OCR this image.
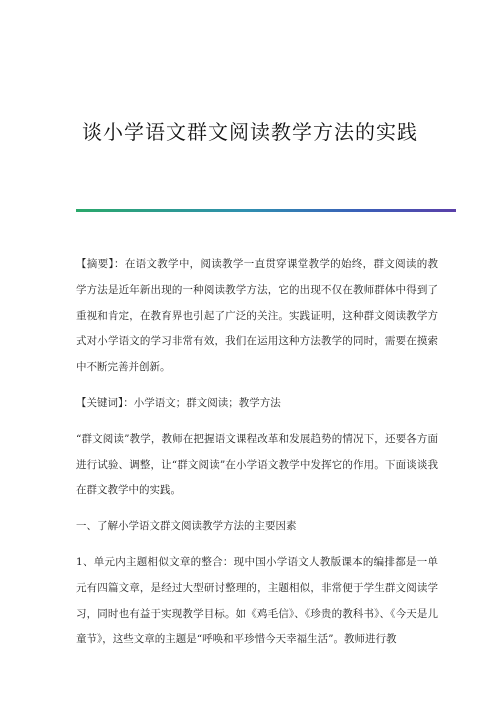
谈小学语文群文阅读教学方法的实践

【摘要】：在语文教学中，阅读教学一直贯穿课堂教学的始终，群文阅读的教学方法是近年新出现的一种阅读教学方法，它的出现不仅在教师群体中得到了重视和肯定，在教育界也引起了广泛的关注。实践证明，这种群文阅读教学方式对小学语文的学习非常有效，我们在运用这种方法教学的同时，需要在摸索中不断完善并创新。

【关键词】：小学语文；群文阅读；教学方法

“群文阅读”教学，教师在把握语文课程改革和发展趋势的情况下，还要各方面进行试验、调整，让“群文阅读”在小学语文教学中发挥它的作用。下面谈谈我在群文教学中的实践。

一、了解小学语文群文阅读教学方法的主要因素

1、单元内主题相似文章的整合：现中国小学语文人教版课本的编排都是一单元有四篇文章，是经过大型研讨整理的，主题相似，非常便于学生群文阅读学习，同时也有益于实现教学目标。如《鸡毛信》、《珍贵的教科书》、《今天是儿童节》，这些文章的主题是“呼唤和平珍惜今天幸福生活”。教师进行教
